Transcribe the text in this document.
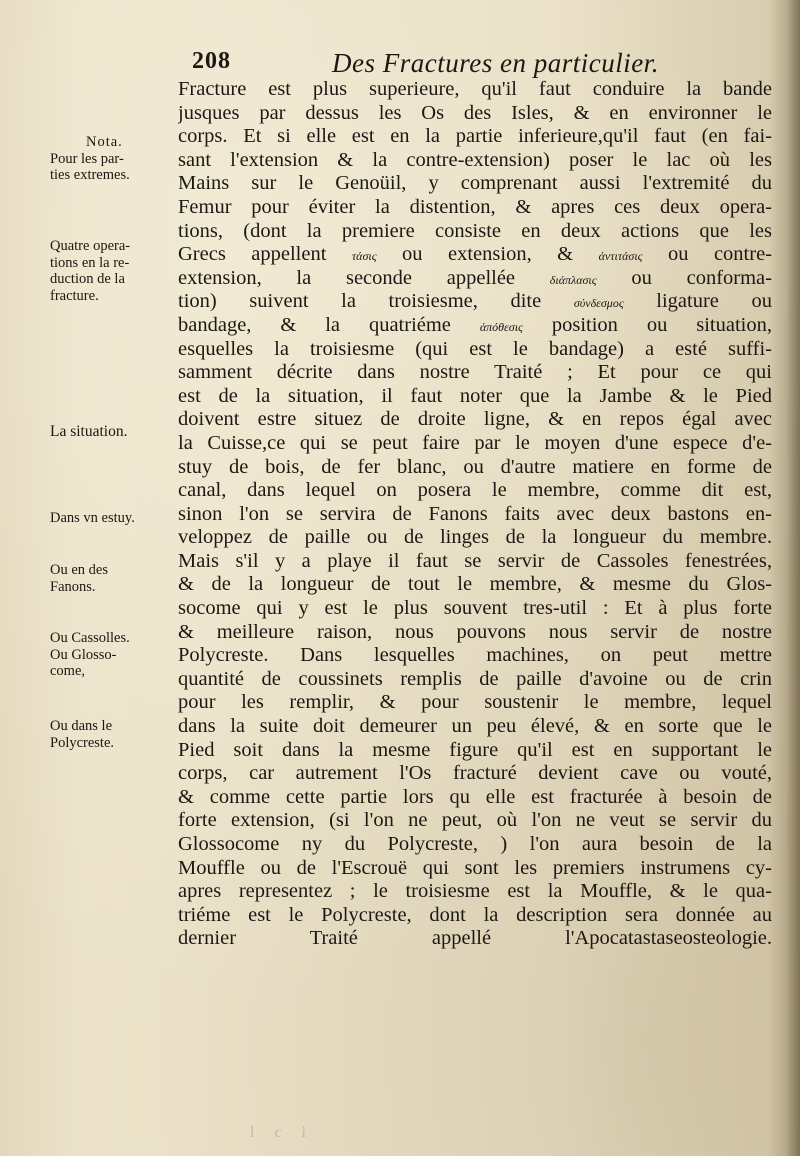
208	Des Fractures en particulier.
Nota.
Pour les par-
ties extremes.
Quatre opera-
tions en la re-
duction de la
fracture.
La situation.
Dans vn estuy.
Ou en des
Fanons.
Ou Cassolles.
Ou Glosso-
come,
Ou dans le
Polycreste.
Fracture est plus superieure, qu'il faut conduire la bande
jusques par dessus les Os des Isles, & en environner le
corps. Et si elle est en la partie inferieure,qu'il faut (en fai-
sant l'extension & la contre-extension) poser le lac où les
Mains sur le Genoüil, y comprenant aussi l'extremité du
Femur pour éviter la distention, & apres ces deux opera-
tions, (dont la premiere consiste en deux actions que les
Grecs appellent τάσις ou extension, & ἀντιτάσις ou contre-
extension, la seconde appellée διάπλασις ou conforma-
tion) suivent la troisiesme, dite σύνδεσμος ligature ou
bandage, & la quatriéme ἀπόθεσις position ou situation,
esquelles la troisiesme (qui est le bandage) a esté suffi-
samment décrite dans nostre Traité ; Et pour ce qui
est de la situation, il faut noter que la Jambe & le Pied
doivent estre situez de droite ligne, & en repos égal avec
la Cuisse,ce qui se peut faire par le moyen d'une espece d'e-
stuy de bois, de fer blanc, ou d'autre matiere en forme de
canal, dans lequel on posera le membre, comme dit est,
sinon l'on se servira de Fanons faits avec deux bastons en-
veloppez de paille ou de linges de la longueur du membre.
Mais s'il y a playe il faut se servir de Cassoles fenestrées,
& de la longueur de tout le membre, & mesme du Glos-
socome qui y est le plus souvent tres-util : Et à plus forte
& meilleure raison, nous pouvons nous servir de nostre
Polycreste. Dans lesquelles machines, on peut mettre
quantité de coussinets remplis de paille d'avoine ou de crin
pour les remplir, & pour soustenir le membre, lequel
dans la suite doit demeurer un peu élevé, & en sorte que le
Pied soit dans la mesme figure qu'il est en supportant le
corps, car autrement l'Os fracturé devient cave ou vouté,
& comme cette partie lors qu elle est fracturée à besoin de
forte extension, (si l'on ne peut, où l'on ne veut se servir du
Glossocome ny du Polycreste, ) l'on aura besoin de la
Mouffle ou de l'Escrouë qui sont les premiers instrumens cy-
apres representez ; le troisiesme est la Mouffle, & le qua-
triéme est le Polycreste, dont la description sera donnée au
dernier Traité appellé l'Apocatastaseosteologie.
l c i
